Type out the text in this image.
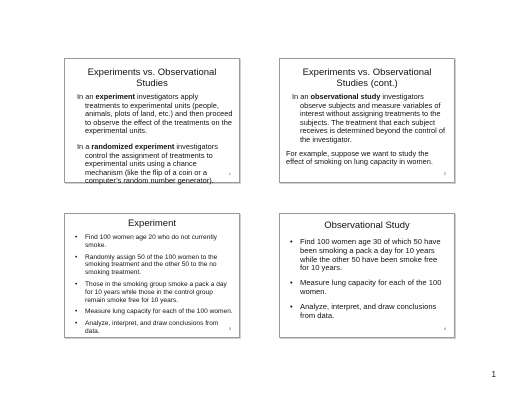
Experiments vs. Observational Studies
In an experiment investigators apply
treatments to experimental units (people, animals, plots of land, etc.) and then proceed to observe the effect of the treatments on the experimental units.
In a randomized experiment investigators
control the assignment of treatments to experimental units using a chance mechanism (like the flip of a coin or a computer’s random number generator).
1
Experiments vs. Observational Studies (cont.)
In an observational study investigators
observe subjects and measure variables of interest without assigning treatments to the subjects. The treatment that each subject receives is determined beyond the control of the investigator.
For example, suppose we want to study the effect of smoking on lung capacity in women.
2
Experiment
• Find 100 women age 20 who do not currently smoke.
• Randomly assign 50 of the 100 women to the smoking treatment and the other 50 to the no smoking treatment.
• Those in the smoking group smoke a pack a day for 10 years while those in the control group remain smoke free for 10 years.
• Measure lung capacity for each of the 100 women.
• Analyze, interpret, and draw conclusions from data.	3
Observational Study
• Find 100 women age 30 of which 50 have been smoking a pack a day for 10 years while the other 50 have been smoke free for 10 years.
• Measure lung capacity for each of the 100 women.
• Analyze, interpret, and draw conclusions from data.
4
1
